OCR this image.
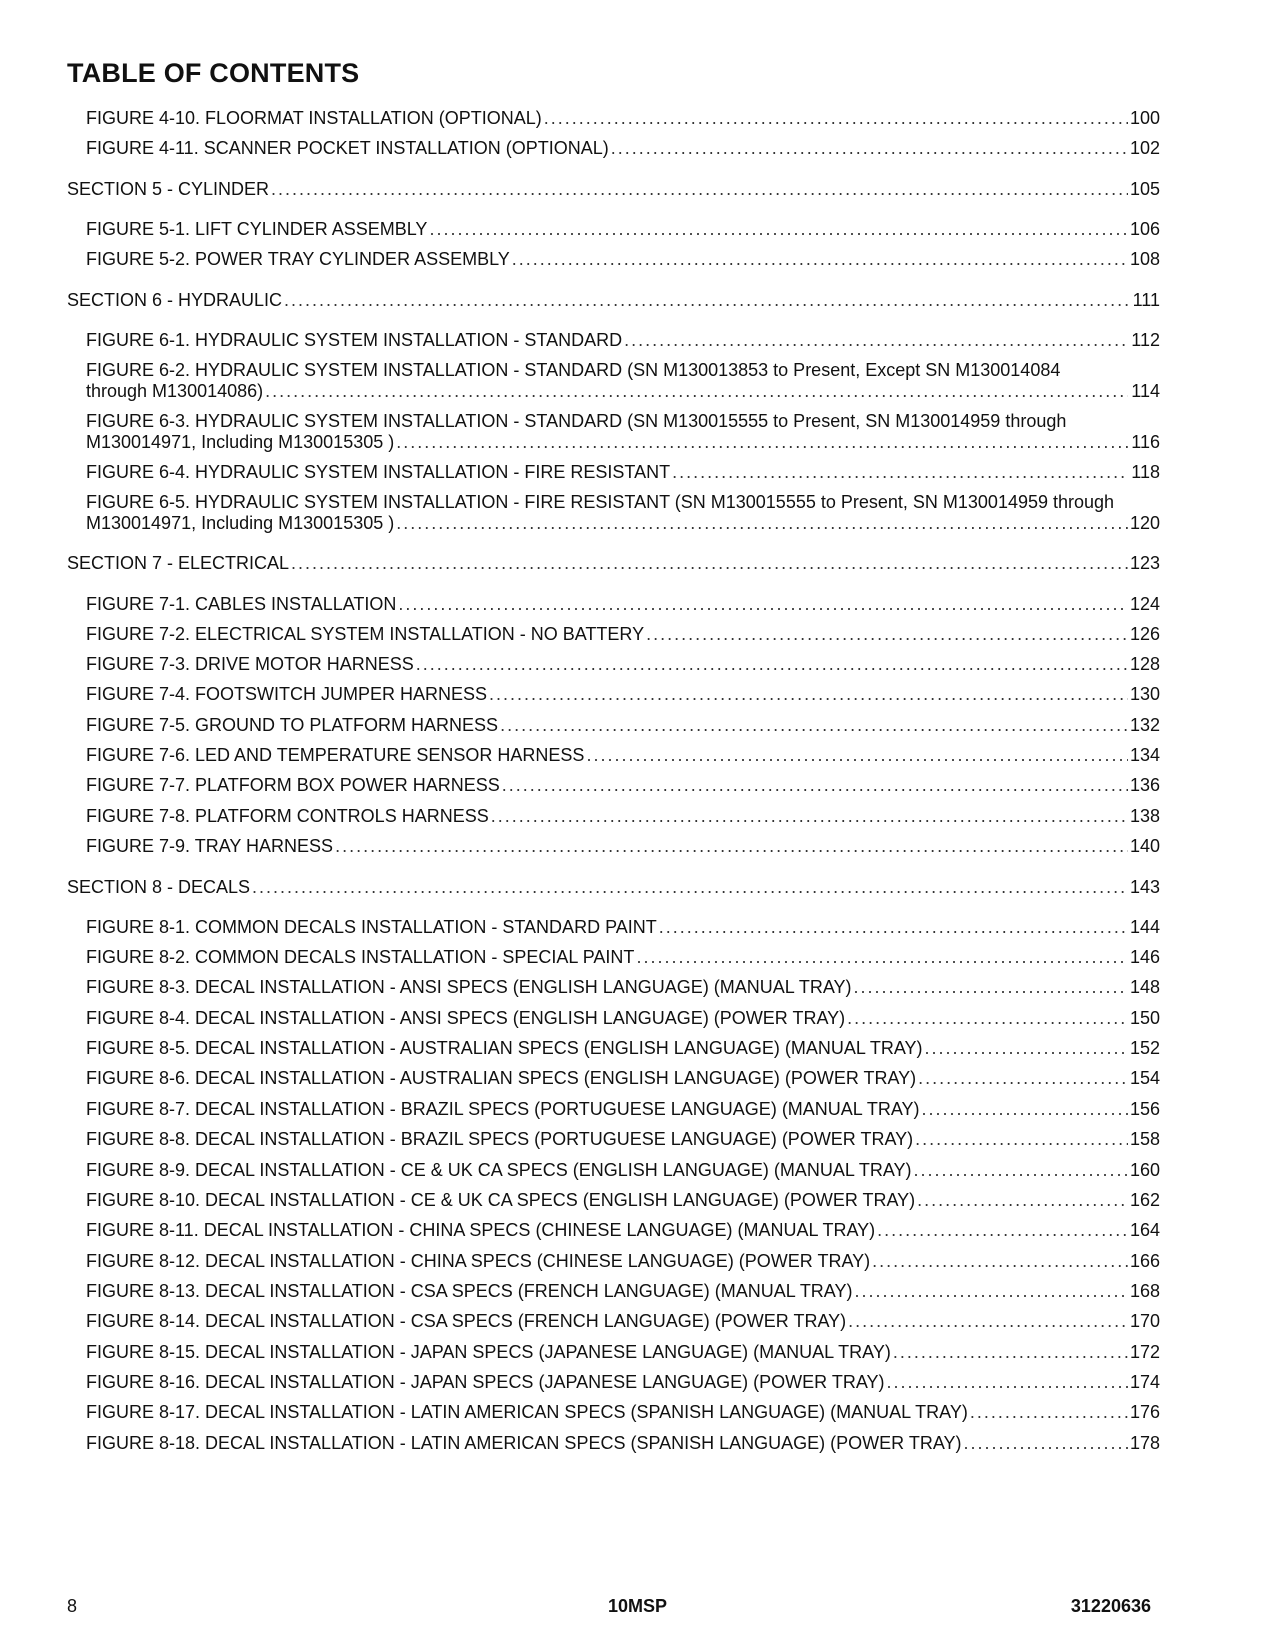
TABLE OF CONTENTS
FIGURE 4-10. FLOORMAT INSTALLATION (OPTIONAL) .....	100
FIGURE 4-11. SCANNER POCKET INSTALLATION (OPTIONAL) .....	102
SECTION 5 - CYLINDER .....	105
FIGURE 5-1. LIFT CYLINDER ASSEMBLY .....	106
FIGURE 5-2. POWER TRAY CYLINDER ASSEMBLY .....	108
SECTION 6 - HYDRAULIC .....	111
FIGURE 6-1. HYDRAULIC SYSTEM INSTALLATION - STANDARD .....	112
FIGURE 6-2. HYDRAULIC SYSTEM INSTALLATION - STANDARD (SN M130013853 to Present, Except SN M130014084
through M130014086) .....	114
FIGURE 6-3. HYDRAULIC SYSTEM INSTALLATION - STANDARD (SN M130015555 to Present, SN M130014959 through
M130014971, Including M130015305 ) .....	116
FIGURE 6-4. HYDRAULIC SYSTEM INSTALLATION - FIRE RESISTANT .....	118
FIGURE 6-5. HYDRAULIC SYSTEM INSTALLATION - FIRE RESISTANT (SN M130015555 to Present, SN M130014959 through
M130014971, Including M130015305 ) .....	120
SECTION 7 - ELECTRICAL .....	123
FIGURE 7-1. CABLES INSTALLATION .....	124
FIGURE 7-2. ELECTRICAL SYSTEM INSTALLATION - NO BATTERY .....	126
FIGURE 7-3. DRIVE MOTOR HARNESS .....	128
FIGURE 7-4. FOOTSWITCH JUMPER HARNESS .....	130
FIGURE 7-5. GROUND TO PLATFORM HARNESS .....	132
FIGURE 7-6. LED AND TEMPERATURE SENSOR HARNESS .....	134
FIGURE 7-7. PLATFORM BOX POWER HARNESS .....	136
FIGURE 7-8. PLATFORM CONTROLS HARNESS .....	138
FIGURE 7-9. TRAY HARNESS .....	140
SECTION 8 - DECALS .....	143
FIGURE 8-1. COMMON DECALS INSTALLATION - STANDARD PAINT .....	144
FIGURE 8-2. COMMON DECALS INSTALLATION - SPECIAL PAINT .....	146
FIGURE 8-3. DECAL INSTALLATION - ANSI SPECS (ENGLISH LANGUAGE) (MANUAL TRAY) .....	148
FIGURE 8-4. DECAL INSTALLATION - ANSI SPECS (ENGLISH LANGUAGE) (POWER TRAY) .....	150
FIGURE 8-5. DECAL INSTALLATION - AUSTRALIAN SPECS (ENGLISH LANGUAGE) (MANUAL TRAY) .....	152
FIGURE 8-6. DECAL INSTALLATION - AUSTRALIAN SPECS (ENGLISH LANGUAGE) (POWER TRAY) .....	154
FIGURE 8-7. DECAL INSTALLATION - BRAZIL SPECS (PORTUGUESE LANGUAGE) (MANUAL TRAY) .....	156
FIGURE 8-8. DECAL INSTALLATION - BRAZIL SPECS (PORTUGUESE LANGUAGE) (POWER TRAY) .....	158
FIGURE 8-9. DECAL INSTALLATION - CE & UK CA SPECS (ENGLISH LANGUAGE) (MANUAL TRAY) .....	160
FIGURE 8-10. DECAL INSTALLATION - CE & UK CA SPECS (ENGLISH LANGUAGE) (POWER TRAY) .....	162
FIGURE 8-11. DECAL INSTALLATION - CHINA SPECS (CHINESE LANGUAGE) (MANUAL TRAY) .....	164
FIGURE 8-12. DECAL INSTALLATION - CHINA SPECS (CHINESE LANGUAGE) (POWER TRAY) .....	166
FIGURE 8-13. DECAL INSTALLATION - CSA SPECS (FRENCH LANGUAGE) (MANUAL TRAY) .....	168
FIGURE 8-14. DECAL INSTALLATION - CSA SPECS (FRENCH LANGUAGE) (POWER TRAY) .....	170
FIGURE 8-15. DECAL INSTALLATION - JAPAN SPECS (JAPANESE LANGUAGE) (MANUAL TRAY) .....	172
FIGURE 8-16. DECAL INSTALLATION - JAPAN SPECS (JAPANESE LANGUAGE) (POWER TRAY) .....	174
FIGURE 8-17. DECAL INSTALLATION - LATIN AMERICAN SPECS (SPANISH LANGUAGE) (MANUAL TRAY) .....	176
FIGURE 8-18. DECAL INSTALLATION - LATIN AMERICAN SPECS (SPANISH LANGUAGE) (POWER TRAY) .....	178
8	10MSP	31220636
